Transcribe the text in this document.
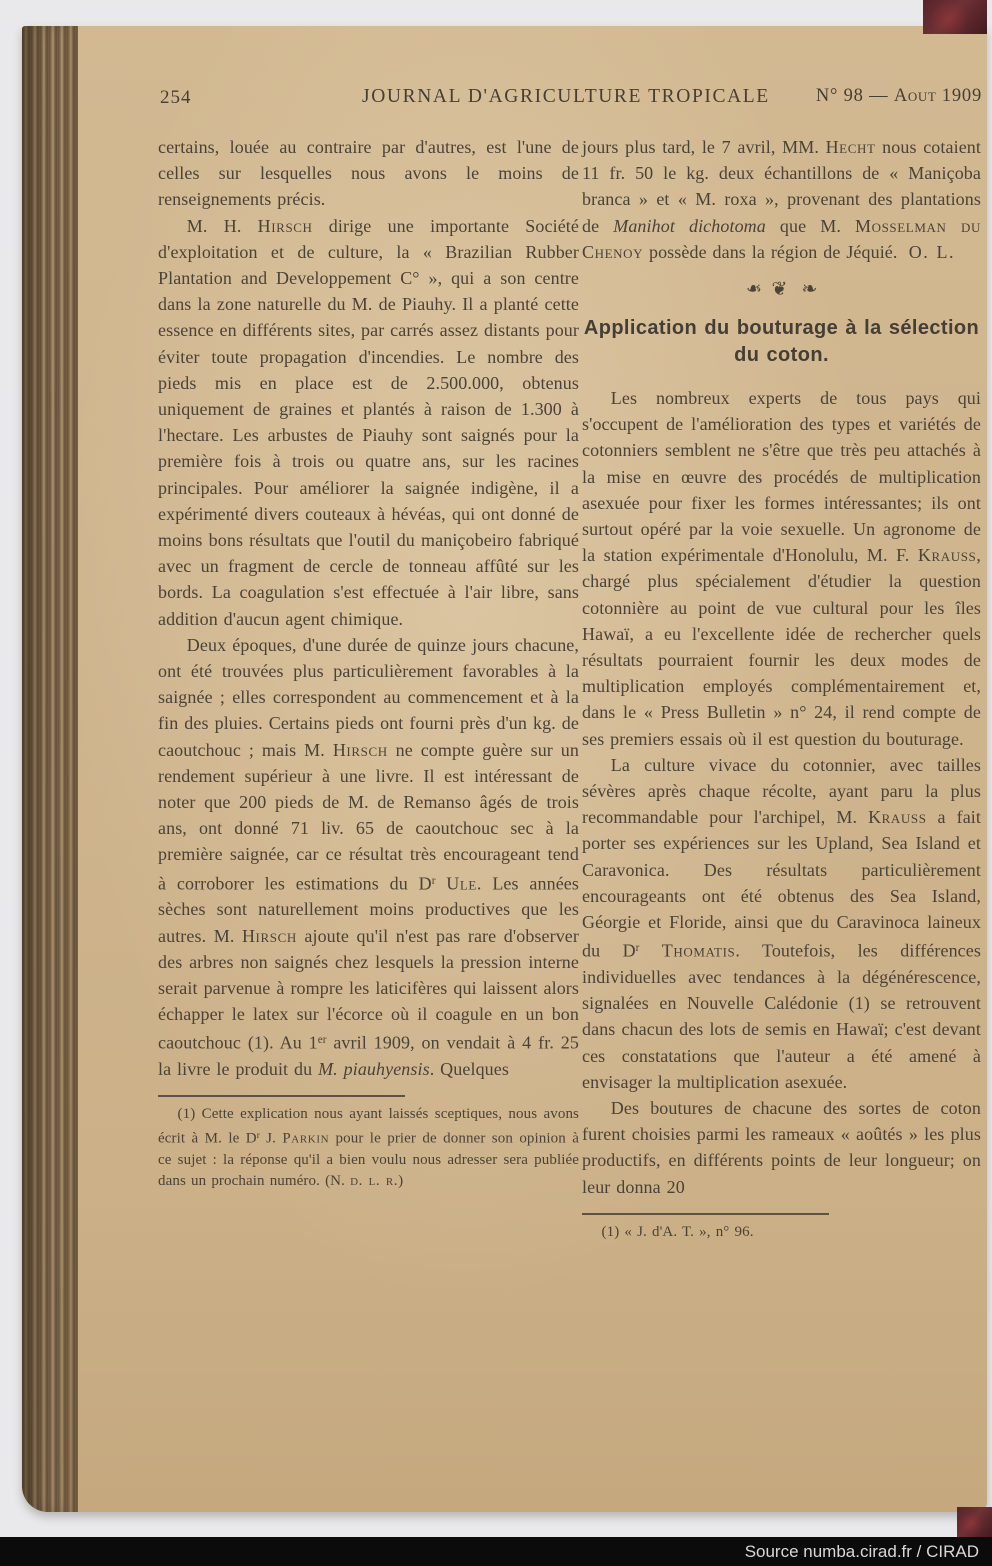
254	JOURNAL D'AGRICULTURE TROPICALE N° 98 — Aout 1909

certains, louée au contraire par d'autres, est l'une de celles sur lesquelles nous avons le moins de renseignements précis.

M. H. Hirsch dirige une importante Société d'exploitation et de culture, la « Brazilian Rubber Plantation and Developpement C° », qui a son centre dans la zone naturelle du M. de Piauhy. Il a planté cette essence en différents sites, par carrés assez distants pour éviter toute propagation d'incendies. Le nombre des pieds mis en place est de 2.500.000, obtenus uniquement de graines et plantés à raison de 1.300 à l'hectare. Les arbustes de Piauhy sont saignés pour la première fois à trois ou quatre ans, sur les racines principales. Pour améliorer la saignée indigène, il a expérimenté divers couteaux à hévéas, qui ont donné de moins bons résultats que l'outil du maniçobeiro fabriqué avec un fragment de cercle de tonneau affûté sur les bords. La coagulation s'est effectuée à l'air libre, sans addition d'aucun agent chimique.

Deux époques, d'une durée de quinze jours chacune, ont été trouvées plus particulièrement favorables à la saignée ; elles correspondent au commencement et à la fin des pluies. Certains pieds ont fourni près d'un kg. de caoutchouc ; mais M. Hirsch ne compte guère sur un rendement supérieur à une livre. Il est intéressant de noter que 200 pieds de M. de Remanso âgés de trois ans, ont donné 71 liv. 65 de caoutchouc sec à la première saignée, car ce résultat très encourageant tend à corroborer les estimations du $D^r$ Ule. Les années sèches sont naturellement moins productives que les autres. M. Hirsch ajoute qu'il n'est pas rare d'observer des arbres non saignés chez lesquels la pression interne serait parvenue à rompre les laticifères qui laissent alors échapper le latex sur l'écorce où il coagule en un bon caoutchouc (1). Au 1er avril 1909, on vendait à 4 fr. 25 la livre le produit du M. piauhyensis. Quelques

(1) Cette explication nous ayant laissés sceptiques, nous avons écrit à M. le $D^r$ J. Parkin pour le prier de donner son opinion à ce sujet : la réponse qu'il a bien voulu nous adresser sera publiée dans un prochain numéro. (N. d. l. r.)

jours plus tard, le 7 avril, MM. Hecht nous cotaient 11 fr. 50 le kg. deux échantillons de « Maniçoba branca » et « M. roxa », provenant des plantations de Manihot dichotoma que M. Mosselman du Chenoy possède dans la région de Jéquié. O. L.

❧ ❦ ❧
Application du bouturage à la sélection
du coton.

Les nombreux experts de tous pays qui s'occupent de l'amélioration des types et variétés de cotonniers semblent ne s'être que très peu attachés à la mise en œuvre des procédés de multiplication asexuée pour fixer les formes intéressantes; ils ont surtout opéré par la voie sexuelle. Un agronome de la station expérimentale d'Honolulu, M. F. Krauss, chargé plus spécialement d'étudier la question cotonnière au point de vue cultural pour les îles Hawaï, a eu l'excellente idée de rechercher quels résultats pourraient fournir les deux modes de multiplication employés complémentairement et, dans le « Press Bulletin » n° 24, il rend compte de ses premiers essais où il est question du bouturage.

La culture vivace du cotonnier, avec tailles sévères après chaque récolte, ayant paru la plus recommandable pour l'archipel, M. Krauss a fait porter ses expériences sur les Upland, Sea Island et Caravonica. Des résultats particulièrement encourageants ont été obtenus des Sea Island, Géorgie et Floride, ainsi que du Caravinoca laineux du $D^r$ Thomatis. Toutefois, les différences individuelles avec tendances à la dégénérescence, signalées en Nouvelle Calédonie (1) se retrouvent dans chacun des lots de semis en Hawaï; c'est devant ces constatations que l'auteur a été amené à envisager la multiplication asexuée.

Des boutures de chacune des sortes de coton furent choisies parmi les rameaux « aoûtés » les plus productifs, en différents points de leur longueur; on leur donna 20

(1) « J. d'A. T. », n° 96.

Source numba.cirad.fr / CIRAD
